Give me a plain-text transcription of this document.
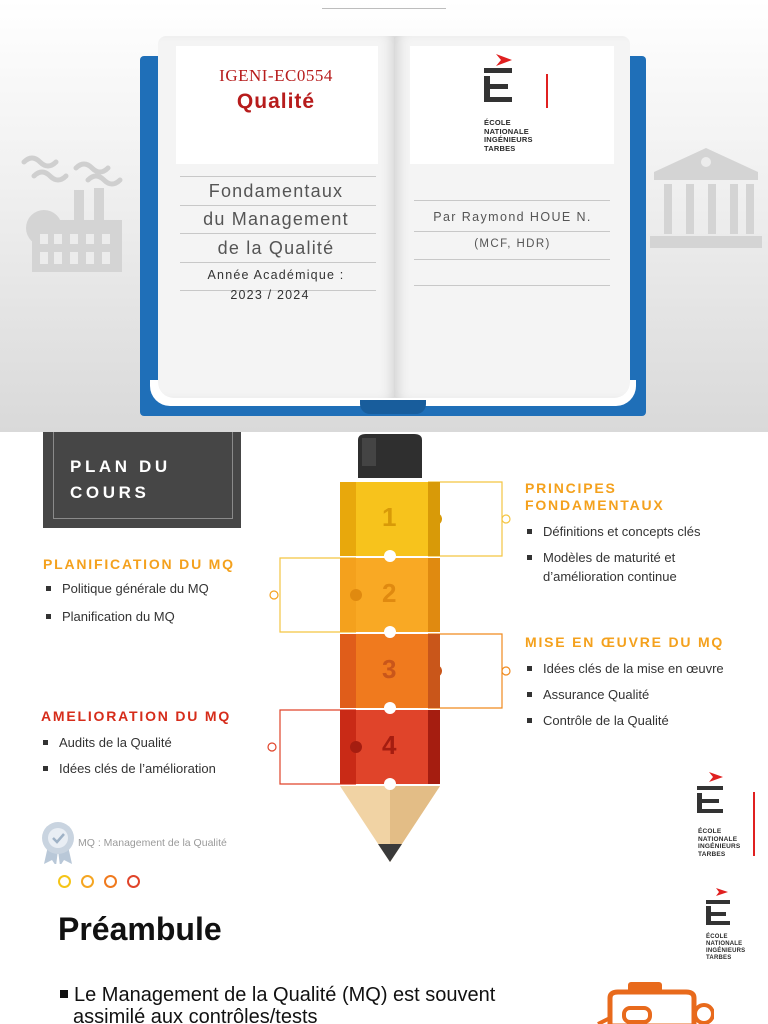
IGENI-EC0554
Qualité
Fondamentaux
du Management
de la Qualité
Année Académique :
2023 / 2024
ÉCOLE
NATIONALE
INGÉNIEURS
TARBES
Par Raymond HOUE N.
(MCF, HDR)
PLAN DU
COURS
1
2
3
4
PRINCIPES
FONDAMENTAUX
Définitions et concepts clés
Modèles de maturité et
d’amélioration continue
PLANIFICATION DU MQ
Politique générale du MQ
Planification du MQ
MISE EN ŒUVRE DU MQ
Idées clés de la mise en œuvre
Assurance Qualité
Contrôle de la Qualité
AMELIORATION DU MQ
Audits de la Qualité
Idées clés de l’amélioration
MQ : Management de la Qualité
ÉCOLE
NATIONALE
INGÉNIEURS
TARBES
Préambule	ÉCOLE
NATIONALE
INGÉNIEURS
TARBES
Le Management de la Qualité (MQ) est souvent
assimilé aux contrôles/tests
